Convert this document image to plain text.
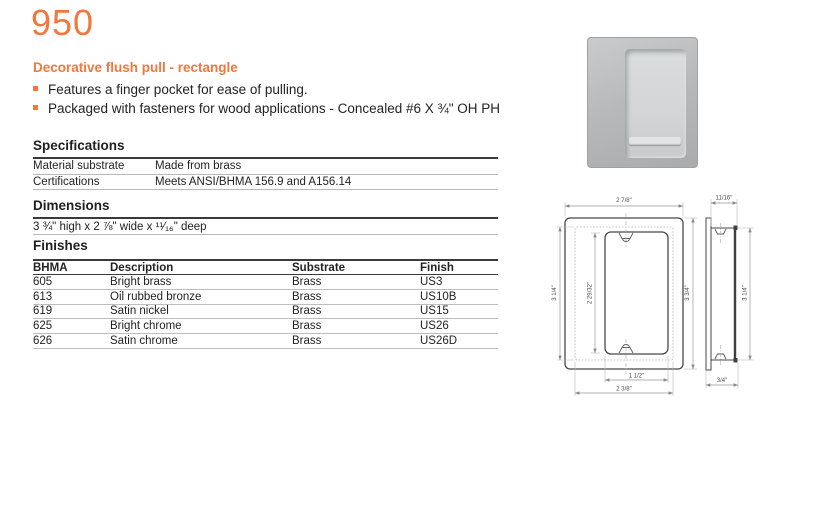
950
Decorative flush pull - rectangle
Features a finger pocket for ease of pulling.
Packaged with fasteners for wood applications - Concealed #6 X ¾" OH PH
Specifications
Material substrate	Made from brass
Certifications	Meets ANSI/BHMA 156.9 and A156.14
Dimensions
3 ¾" high x 2 ⅞" wide x ¹¹⁄₁₆" deep
Finishes
BHMA	Description	Substrate	Finish
605	Bright brass	Brass	US3
613	Oil rubbed bronze	Brass	US10B
619	Satin nickel	Brass	US15
625	Bright chrome	Brass	US26
626	Satin chrome	Brass	US26D
2 7/8"
3 1/4"	2 29/32"	3 3/4"
1 1/2"
2 3/8"
11/16"
3 1/4"
3/4"
